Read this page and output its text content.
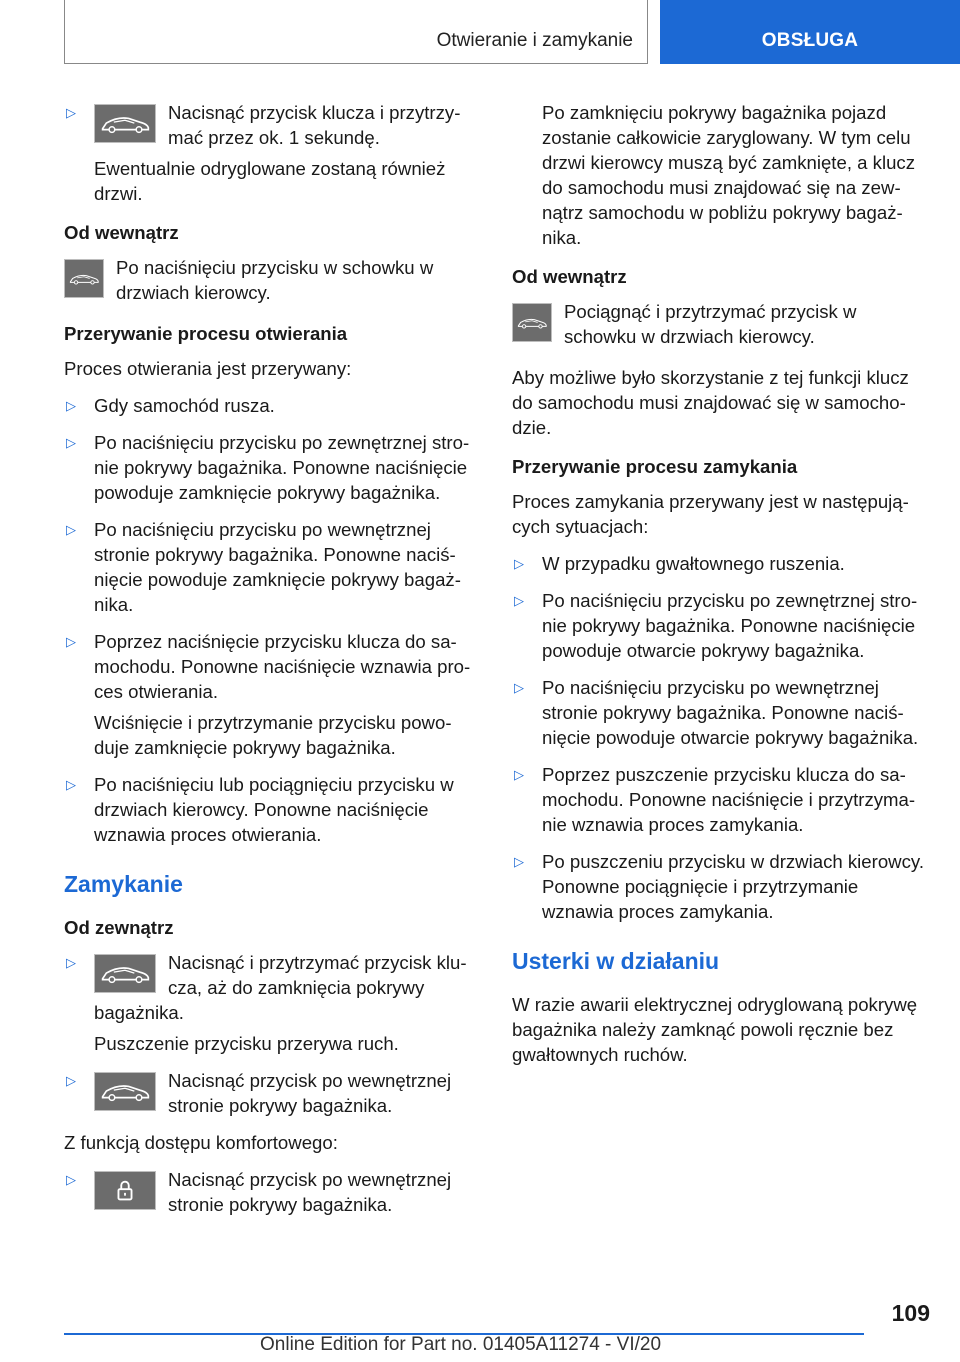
Otwieranie i zamykanie	OBSŁUGA
▷	Nacisnąć przycisk klucza i przytrzymać przez ok. 1 sekundę.

Ewentualnie odryglowane zostaną również drzwi.

Od wewnątrz

Po naciśnięciu przycisku w schowku w drzwiach kierowcy.

Przerywanie procesu otwierania

Proces otwierania jest przerywany:

▷ Gdy samochód rusza.
▷ Po naciśnięciu przycisku po zewnętrznej stronie pokrywy bagażnika. Ponowne naciśnięcie powoduje zamknięcie pokrywy bagażnika.
▷ Po naciśnięciu przycisku po wewnętrznej stronie pokrywy bagażnika. Ponowne naciśnięcie powoduje zamknięcie pokrywy bagażnika.
▷ Poprzez naciśnięcie przycisku klucza do samochodu. Ponowne naciśnięcie wznawia proces otwierania.

Wciśnięcie i przytrzymanie przycisku powoduje zamknięcie pokrywy bagażnika.

▷ Po naciśnięciu lub pociągnięciu przycisku w drzwiach kierowcy. Ponowne naciśnięcie wznawia proces otwierania.

Zamykanie

Od zewnątrz

▷	Nacisnąć i przytrzymać przycisk klucza, aż do zamknięcia pokrywy bagażnika.

Puszczenie przycisku przerywa ruch.

▷	Nacisnąć przycisk po wewnętrznej stronie pokrywy bagażnika.

Z funkcją dostępu komfortowego:

▷	Nacisnąć przycisk po wewnętrznej stronie pokrywy bagażnika.

Po zamknięciu pokrywy bagażnika pojazd zostanie całkowicie zaryglowany. W tym celu drzwi kierowcy muszą być zamknięte, a klucz do samochodu musi znajdować się na zewnątrz samochodu w pobliżu pokrywy bagażnika.

Od wewnątrz

Pociągnąć i przytrzymać przycisk w schowku w drzwiach kierowcy.

Aby możliwe było skorzystanie z tej funkcji klucz do samochodu musi znajdować się w samochodzie.

Przerywanie procesu zamykania

Proces zamykania przerywany jest w następujących sytuacjach:

▷ W przypadku gwałtownego ruszenia.
▷ Po naciśnięciu przycisku po zewnętrznej stronie pokrywy bagażnika. Ponowne naciśnięcie powoduje otwarcie pokrywy bagażnika.
▷ Po naciśnięciu przycisku po wewnętrznej stronie pokrywy bagażnika. Ponowne naciśnięcie powoduje otwarcie pokrywy bagażnika.
▷ Poprzez puszczenie przycisku klucza do samochodu. Ponowne naciśnięcie i przytrzymanie wznawia proces zamykania.
▷ Po puszczeniu przycisku w drzwiach kierowcy. Ponowne pociągnięcie i przytrzymanie wznawia proces zamykania.

Usterki w działaniu

W razie awarii elektrycznej odryglowaną pokrywę bagażnika należy zamknąć powoli ręcznie bez gwałtownych ruchów.

109
Online Edition for Part no. 01405A11274 - VI/20
